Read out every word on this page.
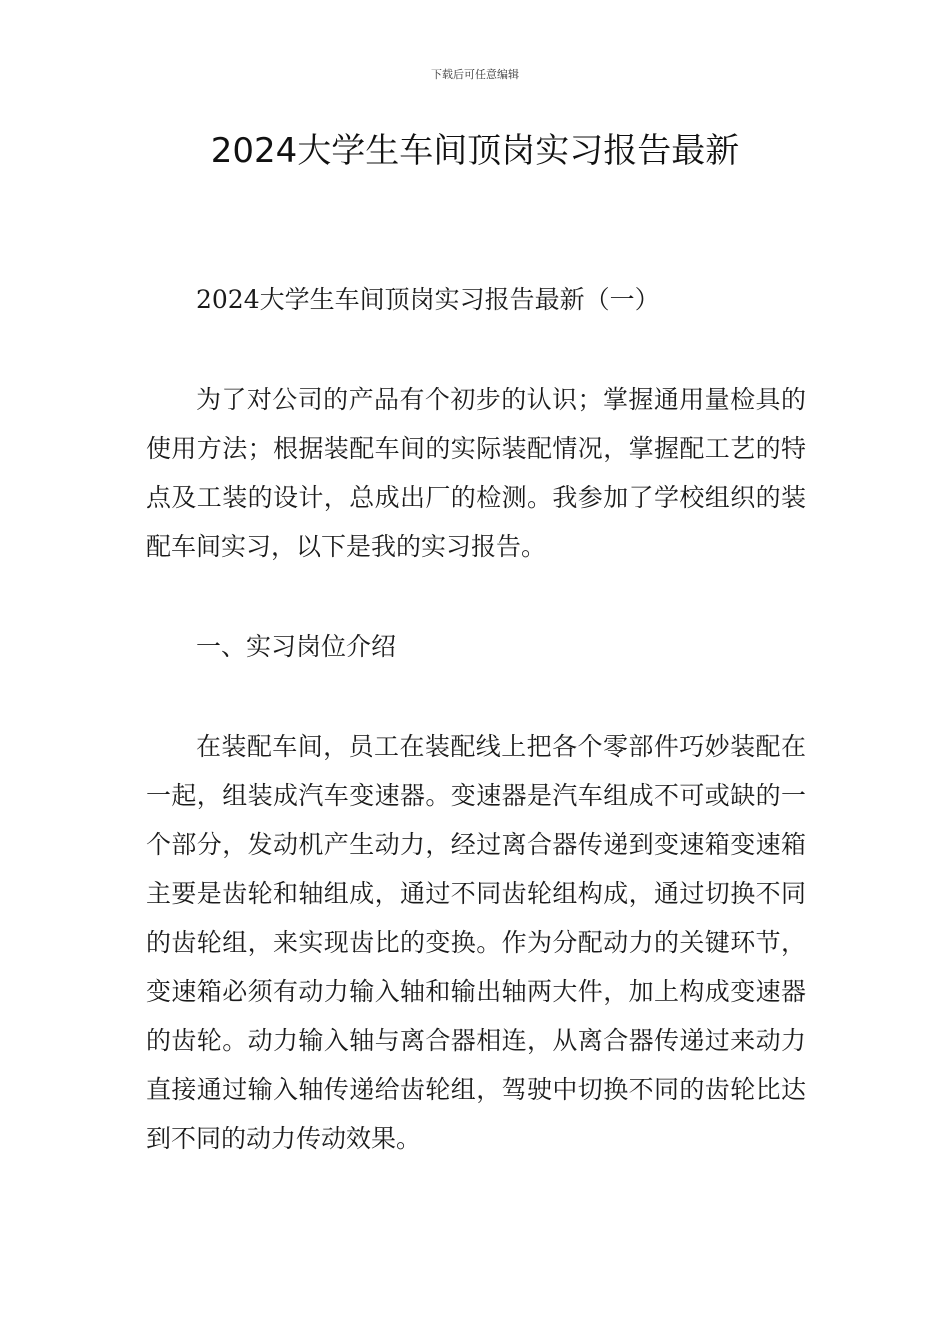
下载后可任意编辑
2024大学生车间顶岗实习报告最新

2024大学生车间顶岗实习报告最新（一）

为了对公司的产品有个初步的认识；掌握通用量检具的使用方法；根据装配车间的实际装配情况，掌握配工艺的特点及工装的设计，总成出厂的检测。我参加了学校组织的装配车间实习，以下是我的实习报告。

一、实习岗位介绍

在装配车间，员工在装配线上把各个零部件巧妙装配在一起，组装成汽车变速器。变速器是汽车组成不可或缺的一个部分，发动机产生动力，经过离合器传递到变速箱变速箱主要是齿轮和轴组成，通过不同齿轮组构成，通过切换不同的齿轮组，来实现齿比的变换。作为分配动力的关键环节，变速箱必须有动力输入轴和输出轴两大件，加上构成变速器的齿轮。动力输入轴与离合器相连，从离合器传递过来动力直接通过输入轴传递给齿轮组，驾驶中切换不同的齿轮比达到不同的动力传动效果。
